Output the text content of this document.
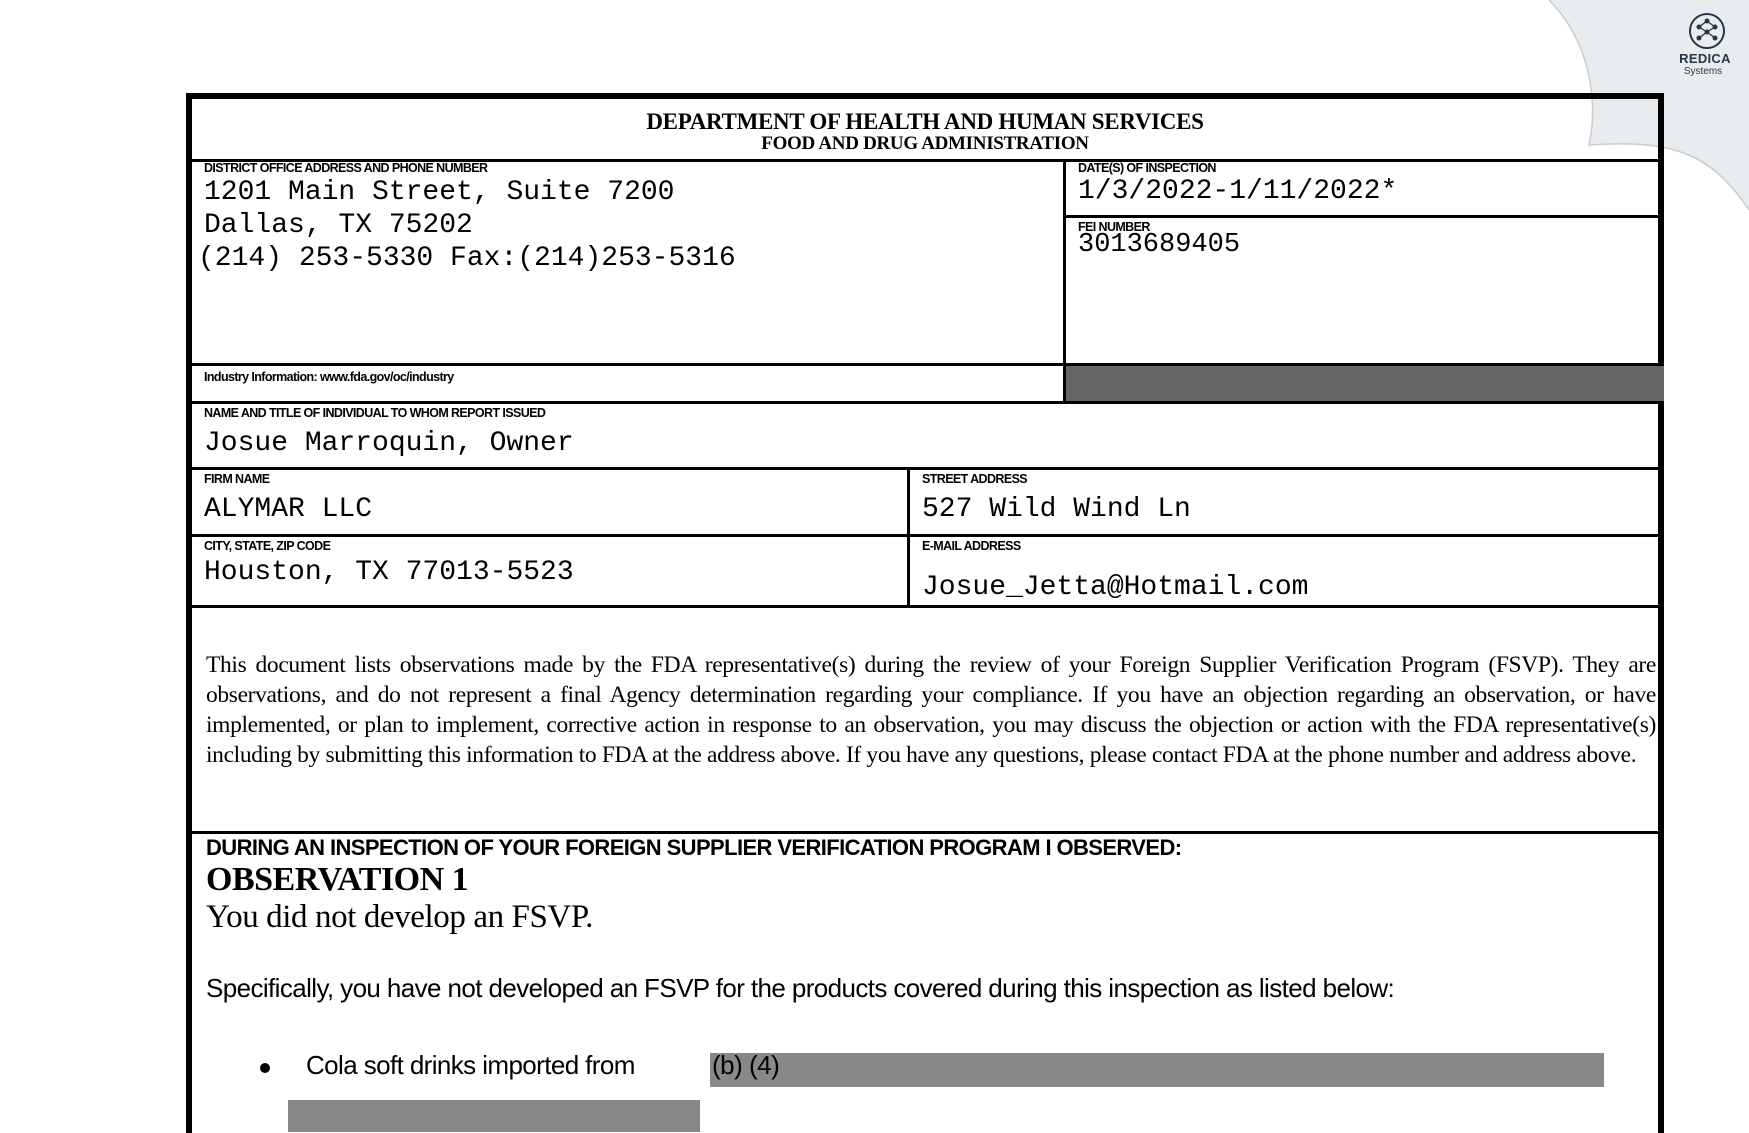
REDICA
Systems
DEPARTMENT OF HEALTH AND HUMAN SERVICES
FOOD AND DRUG ADMINISTRATION
DISTRICT OFFICE ADDRESS AND PHONE NUMBER
1201 Main Street, Suite 7200
Dallas, TX 75202
(214) 253-5330 Fax:(214)253-5316
DATE(S) OF INSPECTION
1/3/2022-1/11/2022*
FEI NUMBER
3013689405
Industry Information: www.fda.gov/oc/industry
NAME AND TITLE OF INDIVIDUAL TO WHOM REPORT ISSUED
Josue Marroquin, Owner
FIRM NAME
ALYMAR LLC
STREET ADDRESS
527 Wild Wind Ln
CITY, STATE, ZIP CODE
Houston, TX 77013-5523
E-MAIL ADDRESS
Josue_Jetta@Hotmail.com
This document lists observations made by the FDA representative(s) during the review of your Foreign Supplier Verification Program (FSVP). They are observations, and do not represent a final Agency determination regarding your compliance. If you have an objection regarding an observation, or have implemented, or plan to implement, corrective action in response to an observation, you may discuss the objection or action with the FDA representative(s) including by submitting this information to FDA at the address above. If you have any questions, please contact FDA at the phone number and address above.
DURING AN INSPECTION OF YOUR FOREIGN SUPPLIER VERIFICATION PROGRAM I OBSERVED:
OBSERVATION 1
You did not develop an FSVP.
Specifically, you have not developed an FSVP for the products covered during this inspection as listed below:
Cola soft drinks imported from	(b) (4)
